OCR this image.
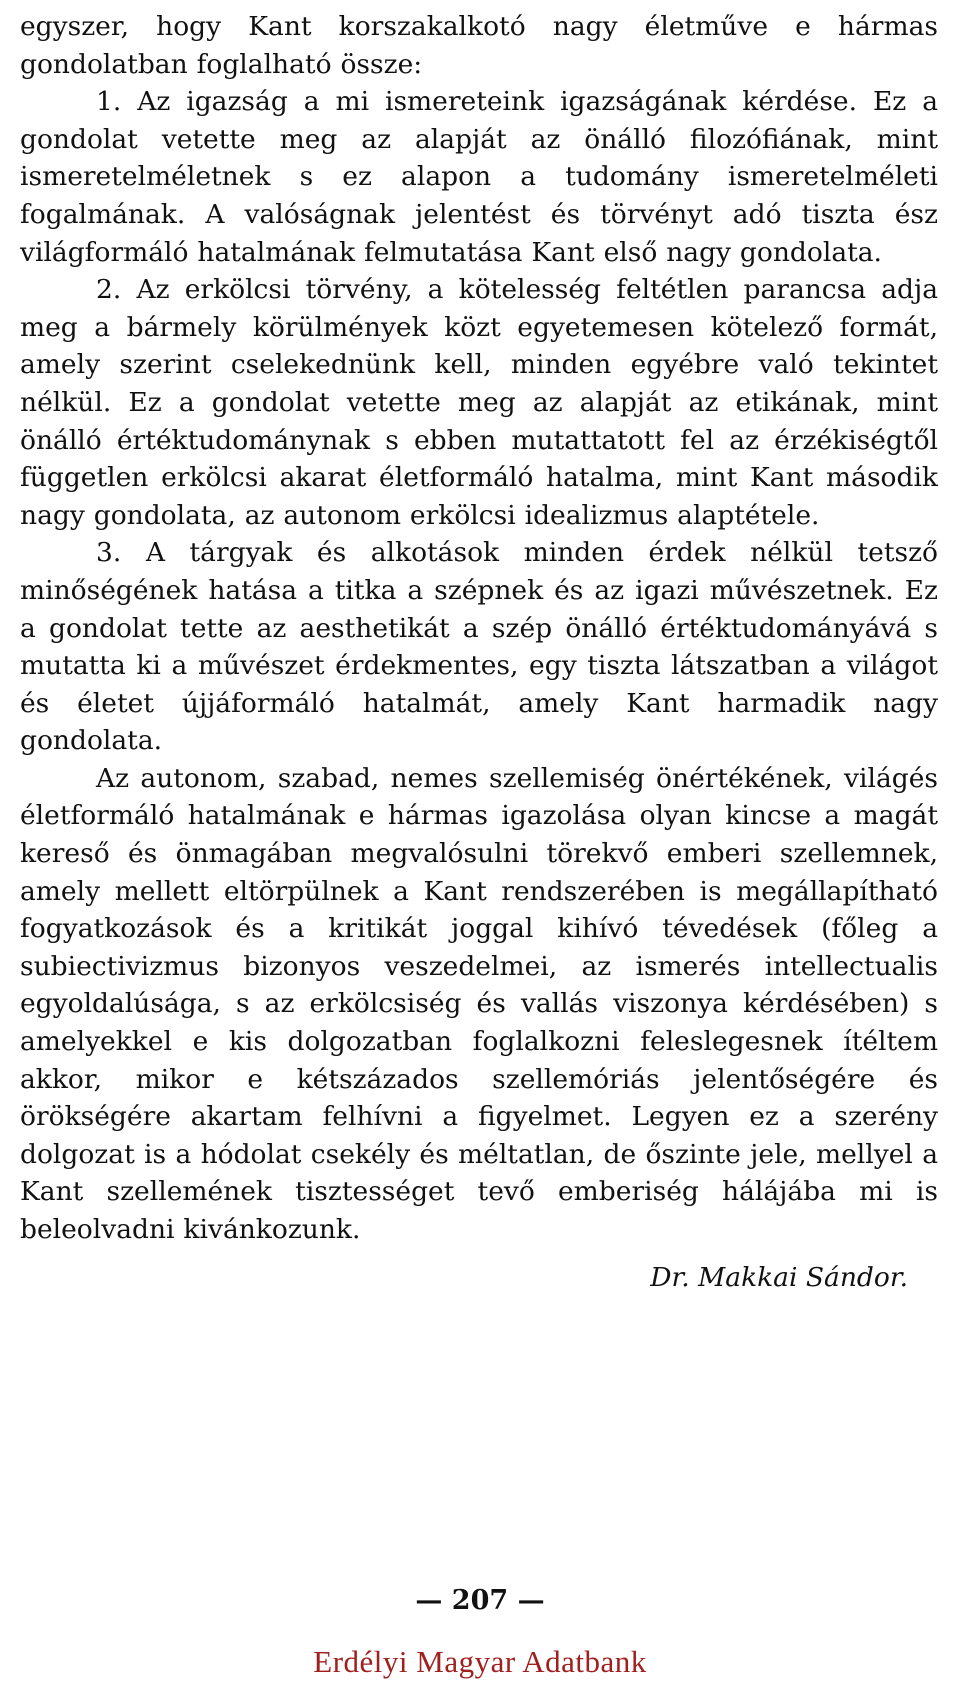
egyszer, hogy Kant korszakalkotó nagy életműve e hármas gondolatban foglalható össze:

1. Az igazság a mi ismereteink igazságának kérdése. Ez a gondolat vetette meg az alapját az önálló filozófiának, mint ismeretelméletnek s ez alapon a tudomány ismeretelméleti fogalmának. A valóságnak jelentést és törvényt adó tiszta ész világformáló hatalmának felmutatása Kant első nagy gondolata.

2. Az erkölcsi törvény, a kötelesség feltétlen parancsa adja meg a bármely körülmények közt egyetemesen kötelező formát, amely szerint cselekednünk kell, minden egyébre való tekintet nélkül. Ez a gondolat vetette meg az alapját az etikának, mint önálló értéktudománynak s ebben mutattatott fel az érzékiségtől független erkölcsi akarat életformáló hatalma, mint Kant második nagy gondolata, az autonom erkölcsi idealizmus alaptétele.

3. A tárgyak és alkotások minden érdek nélkül tetsző minőségének hatása a titka a szépnek és az igazi művészetnek. Ez a gondolat tette az aesthetikát a szép önálló értéktudományává s mutatta ki a művészet érdekmentes, egy tiszta látszatban a világot és életet újjáformáló hatalmát, amely Kant harmadik nagy gondolata.

Az autonom, szabad, nemes szellemiség önértékének, világés életformáló hatalmának e hármas igazolása olyan kincse a magát kereső és önmagában megvalósulni törekvő emberi szellemnek, amely mellett eltörpülnek a Kant rendszerében is megállapítható fogyatkozások és a kritikát joggal kihívó tévedések (főleg a subiectivizmus bizonyos veszedelmei, az ismerés intellectualis egyoldalúsága, s az erkölcsiség és vallás viszonya kérdésében) s amelyekkel e kis dolgozatban foglalkozni feleslegesnek ítéltem akkor, mikor e kétszázados szellemóriás jelentőségére és örökségére akartam felhívni a figyelmet. Legyen ez a szerény dolgozat is a hódolat csekély és méltatlan, de őszinte jele, mellyel a Kant szellemének tisztességet tevő emberiség hálájába mi is beleolvadni kivánkozunk.

Dr. Makkai Sándor.
— 207 —
Erdélyi Magyar Adatbank
